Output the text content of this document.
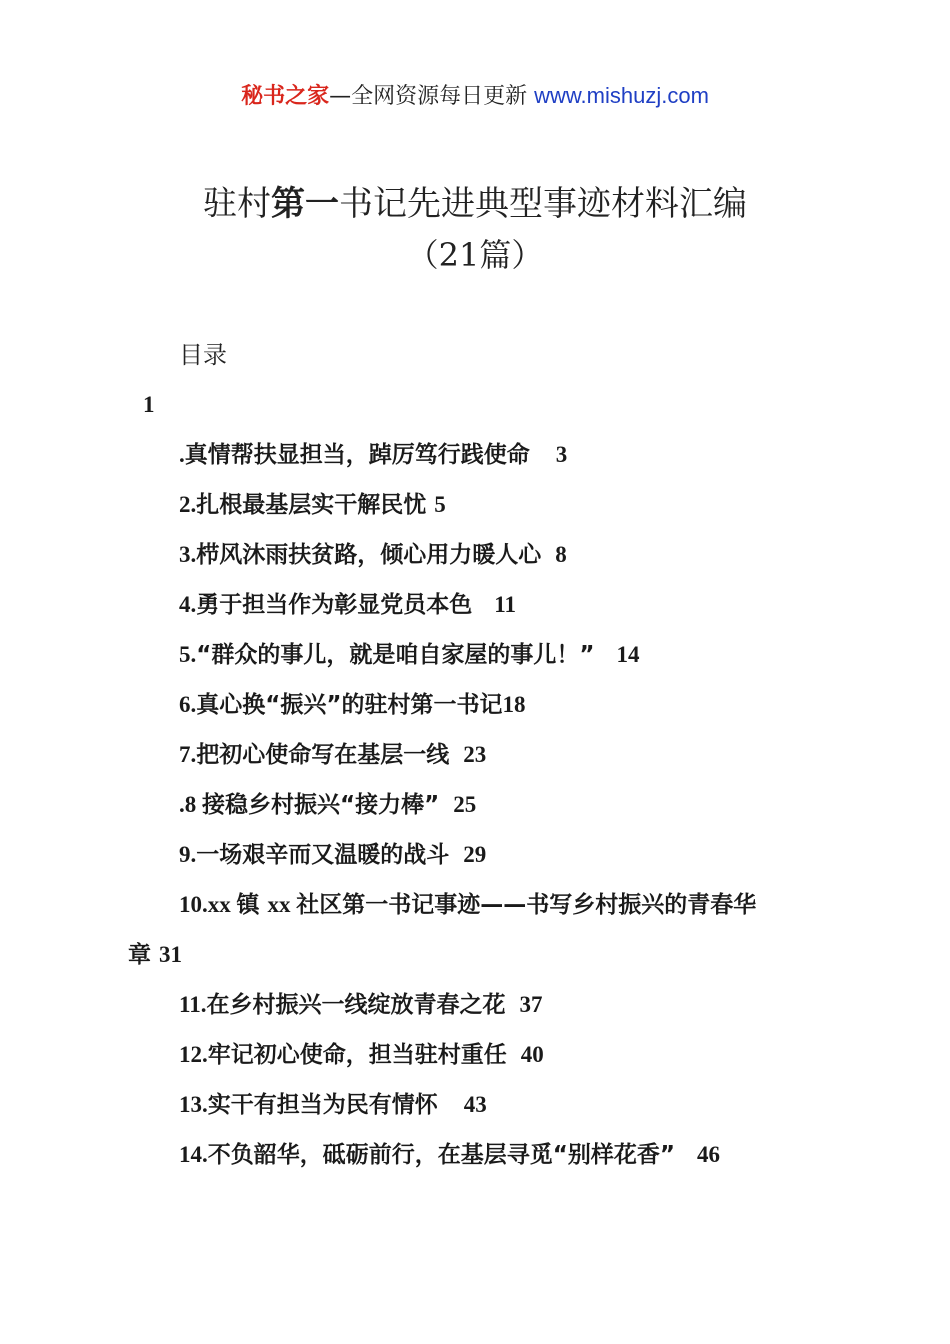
秘书之家—全网资源每日更新 www.mishuzj.com
驻村第一书记先进典型事迹材料汇编
（21篇）
目录
1
.真情帮扶显担当，踔厉笃行践使命 3
2.扎根最基层实干解民忧 5
3.栉风沐雨扶贫路，倾心用力暖人心 8
4.勇于担当作为彰显党员本色 11
5.“群众的事儿，就是咱自家屋的事儿！” 14
6.真心换“振兴”的驻村第一书记18
7.把初心使命写在基层一线 23
.8 接稳乡村振兴“接力棒” 25
9.一场艰辛而又温暖的战斗 29
10.xx 镇 xx 社区第一书记事迹——书写乡村振兴的青春华
章 31
11.在乡村振兴一线绽放青春之花 37
12.牢记初心使命，担当驻村重任 40
13.实干有担当为民有情怀 43
14.不负韶华，砥砺前行，在基层寻觅“别样花香” 46
